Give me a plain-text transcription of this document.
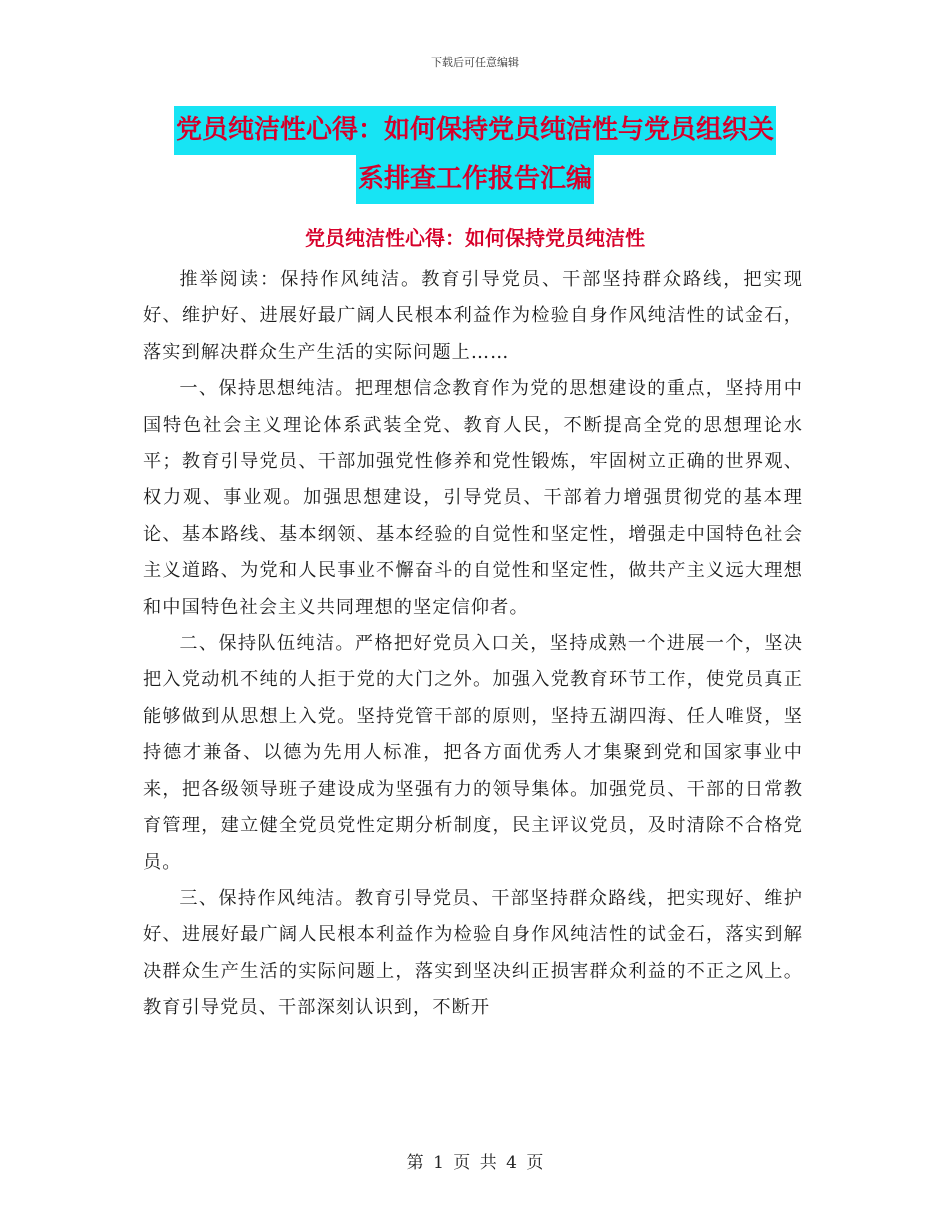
下载后可任意编辑
党员纯洁性心得：如何保持党员纯洁性与党员组织关
系排查工作报告汇编
党员纯洁性心得：如何保持党员纯洁性

推举阅读：保持作风纯洁。教育引导党员、干部坚持群众路线，把实现好、维护好、进展好最广阔人民根本利益作为检验自身作风纯洁性的试金石，落实到解决群众生产生活的实际问题上……

一、保持思想纯洁。把理想信念教育作为党的思想建设的重点，坚持用中国特色社会主义理论体系武装全党、教育人民，不断提高全党的思想理论水平；教育引导党员、干部加强党性修养和党性锻炼，牢固树立正确的世界观、权力观、事业观。加强思想建设，引导党员、干部着力增强贯彻党的基本理论、基本路线、基本纲领、基本经验的自觉性和坚定性，增强走中国特色社会主义道路、为党和人民事业不懈奋斗的自觉性和坚定性，做共产主义远大理想和中国特色社会主义共同理想的坚定信仰者。

二、保持队伍纯洁。严格把好党员入口关，坚持成熟一个进展一个，坚决把入党动机不纯的人拒于党的大门之外。加强入党教育环节工作，使党员真正能够做到从思想上入党。坚持党管干部的原则，坚持五湖四海、任人唯贤，坚持德才兼备、以德为先用人标准，把各方面优秀人才集聚到党和国家事业中来，把各级领导班子建设成为坚强有力的领导集体。加强党员、干部的日常教育管理，建立健全党员党性定期分析制度，民主评议党员，及时清除不合格党员。

三、保持作风纯洁。教育引导党员、干部坚持群众路线，把实现好、维护好、进展好最广阔人民根本利益作为检验自身作风纯洁性的试金石，落实到解决群众生产生活的实际问题上，落实到坚决纠正损害群众利益的不正之风上。教育引导党员、干部深刻认识到，不断开

第 1 页 共 4 页
